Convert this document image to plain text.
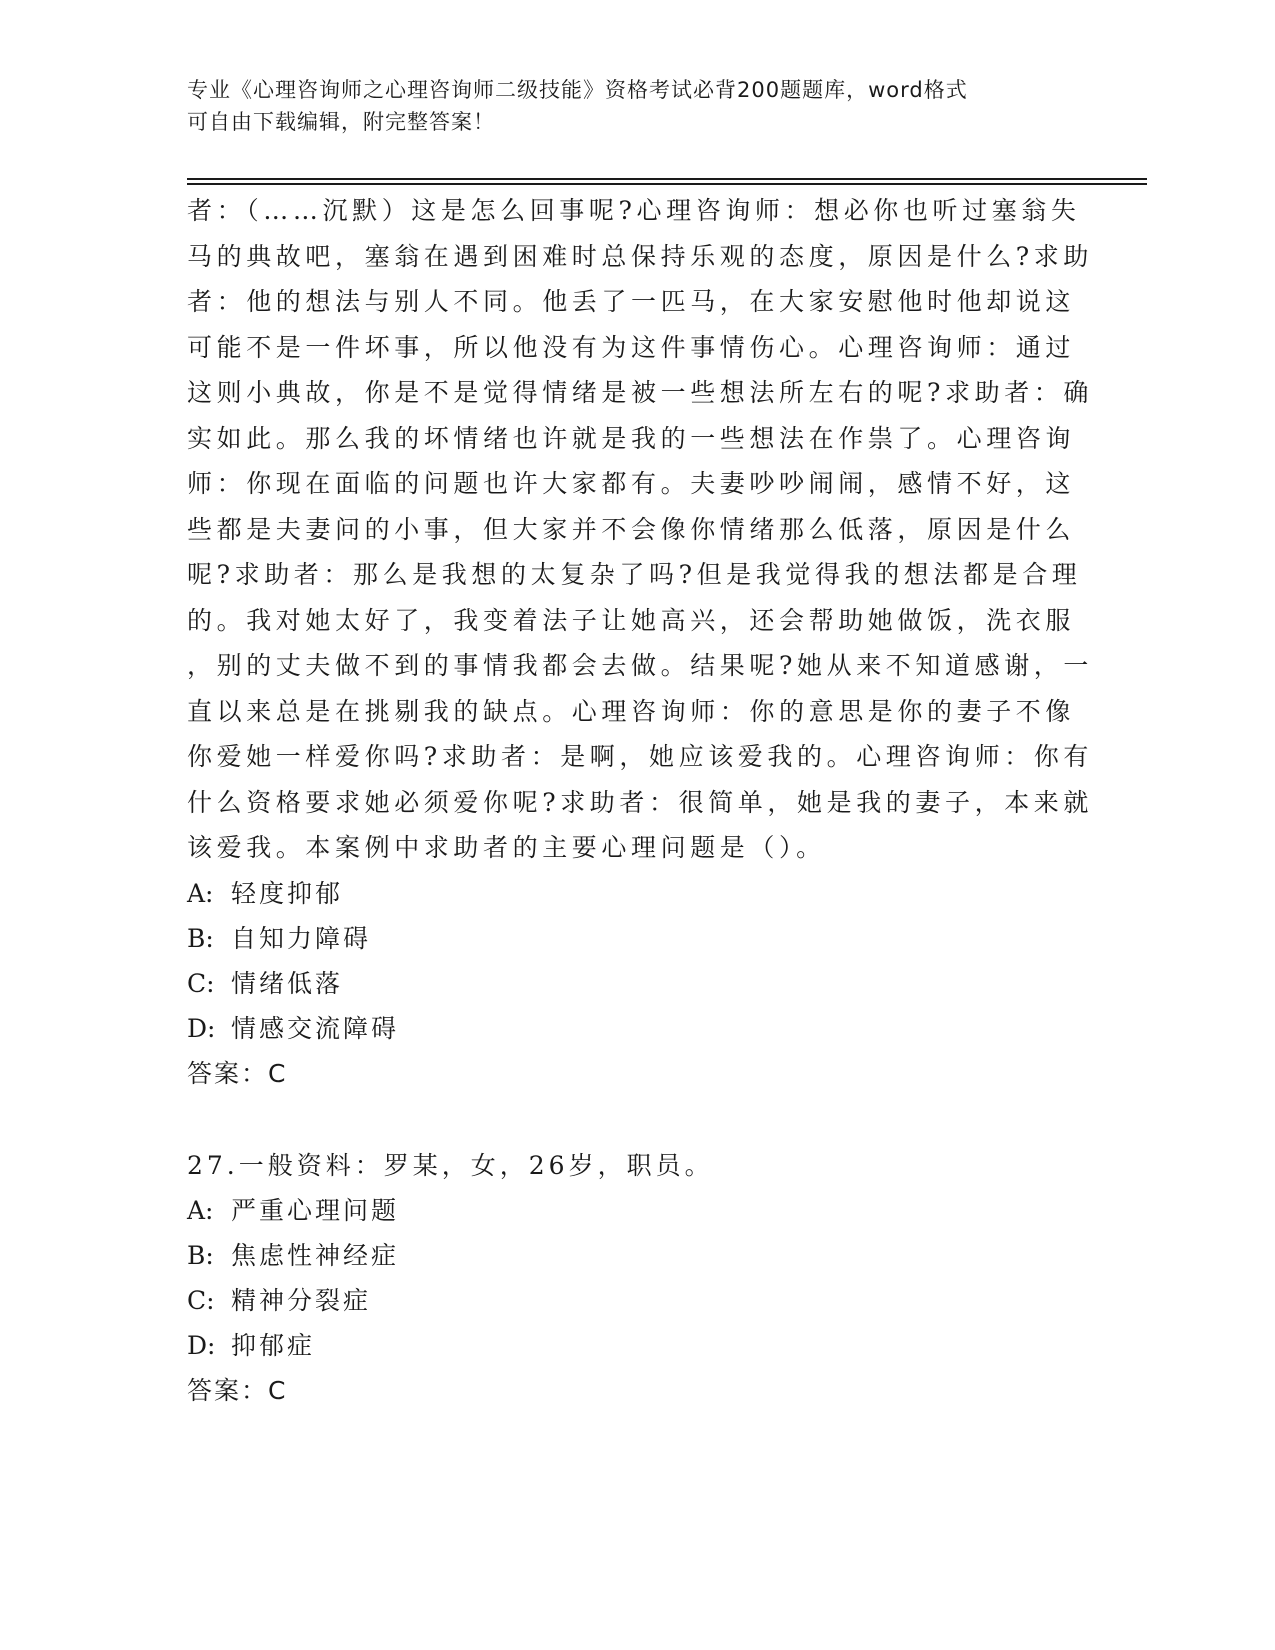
专业《心理咨询师之心理咨询师二级技能》资格考试必背200题题库，word格式
可自由下载编辑，附完整答案！
者：（……沉默）这是怎么回事呢?心理咨询师：想必你也听过塞翁失
马的典故吧，塞翁在遇到困难时总保持乐观的态度，原因是什么?求助
者：他的想法与别人不同。他丢了一匹马，在大家安慰他时他却说这
可能不是一件坏事，所以他没有为这件事情伤心。心理咨询师：通过
这则小典故，你是不是觉得情绪是被一些想法所左右的呢?求助者：确
实如此。那么我的坏情绪也许就是我的一些想法在作祟了。心理咨询
师：你现在面临的问题也许大家都有。夫妻吵吵闹闹，感情不好，这
些都是夫妻问的小事，但大家并不会像你情绪那么低落，原因是什么
呢?求助者：那么是我想的太复杂了吗?但是我觉得我的想法都是合理
的。我对她太好了，我变着法子让她高兴，还会帮助她做饭，洗衣服
，别的丈夫做不到的事情我都会去做。结果呢?她从来不知道感谢，一
直以来总是在挑剔我的缺点。心理咨询师：你的意思是你的妻子不像
你爱她一样爱你吗?求助者：是啊，她应该爱我的。心理咨询师：你有
什么资格要求她必须爱你呢?求助者：很简单，她是我的妻子，本来就
该爱我。本案例中求助者的主要心理问题是（）。
A: 轻度抑郁
B: 自知力障碍
C: 情绪低落
D: 情感交流障碍
答案：C
27.一般资料：罗某，女，26岁，职员。
A: 严重心理问题
B: 焦虑性神经症
C: 精神分裂症
D: 抑郁症
答案：C
